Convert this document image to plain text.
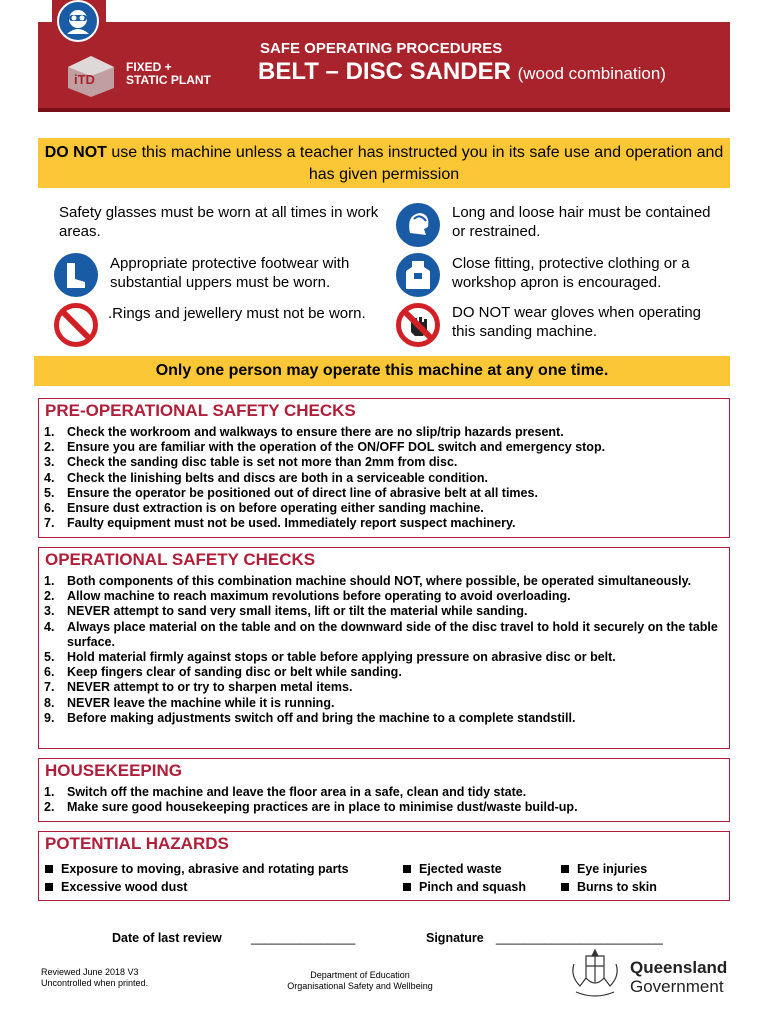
iTD
FIXED +
STATIC PLANT
SAFE OPERATING PROCEDURES
BELT – DISC SANDER (wood combination)
DO NOT use this machine unless a teacher has instructed you in its safe use and operation and has given permission
Safety glasses must be worn at all times in work areas.
Appropriate protective footwear with substantial uppers must be worn.
.Rings and jewellery must not be worn.
Long and loose hair must be contained or restrained.
Close fitting, protective clothing or a workshop apron is encouraged.
DO NOT wear gloves when operating this sanding machine.
Only one person may operate this machine at any one time.
PRE-OPERATIONAL SAFETY CHECKS
1.	Check the workroom and walkways to ensure there are no slip/trip hazards present.
2.	Ensure you are familiar with the operation of the ON/OFF DOL switch and emergency stop.
3.	Check the sanding disc table is set not more than 2mm from disc.
4.	Check the linishing belts and discs are both in a serviceable condition.
5.	Ensure the operator be positioned out of direct line of abrasive belt at all times.
6.	Ensure dust extraction is on before operating either sanding machine.
7.	Faulty equipment must not be used. Immediately report suspect machinery.
OPERATIONAL SAFETY CHECKS
1.	Both components of this combination machine should NOT, where possible, be operated simultaneously.
2.	Allow machine to reach maximum revolutions before operating to avoid overloading.
3.	NEVER attempt to sand very small items, lift or tilt the material while sanding.
4.	Always place material on the table and on the downward side of the disc travel to hold it securely on the table surface.
5.	Hold material firmly against stops or table before applying pressure on abrasive disc or belt.
6.	Keep fingers clear of sanding disc or belt while sanding.
7.	NEVER attempt to or try to sharpen metal items.
8.	NEVER leave the machine while it is running.
9.	Before making adjustments switch off and bring the machine to a complete standstill.
HOUSEKEEPING
1.	Switch off the machine and leave the floor area in a safe, clean and tidy state.
2.	Make sure good housekeeping practices are in place to minimise dust/waste build-up.
POTENTIAL HAZARDS
Exposure to moving, abrasive and rotating parts	Ejected waste	Eye injuries
Excessive wood dust	Pinch and squash	Burns to skin
Date of last review _______________	Signature ________________________
Reviewed June 2018 V3
Uncontrolled when printed.
Department of Education
Organisational Safety and Wellbeing
Queensland
Government
